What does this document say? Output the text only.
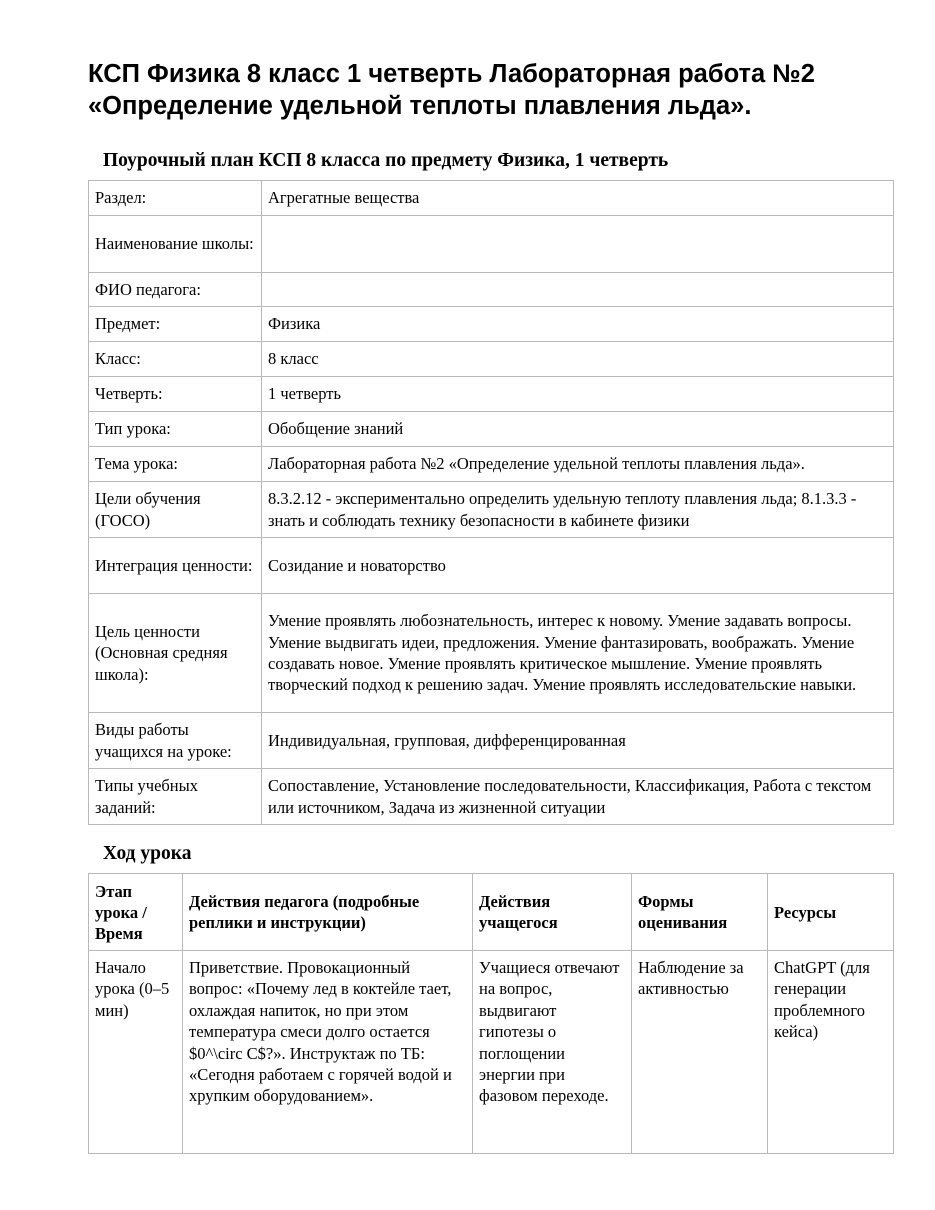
КСП Физика 8 класс 1 четверть Лабораторная работа №2 «Определение удельной теплоты плавления льда».
Поурочный план КСП 8 класса по предмету Физика, 1 четверть
Раздел:	Агрегатные вещества
Наименование школы:	
ФИО педагога:	
Предмет:	Физика
Класс:	8 класс
Четверть:	1 четверть
Тип урока:	Обобщение знаний
Тема урока:	Лабораторная работа №2 «Определение удельной теплоты плавления льда».
Цели обучения (ГОСО)	8.3.2.12 - экспериментально определить удельную теплоту плавления льда; 8.1.3.3 - знать и соблюдать технику безопасности в кабинете физики
Интеграция ценности:	Созидание и новаторство
Цель ценности (Основная средняя школа):	Умение проявлять любознательность, интерес к новому. Умение задавать вопросы. Умение выдвигать идеи, предложения. Умение фантазировать, воображать. Умение создавать новое. Умение проявлять критическое мышление. Умение проявлять творческий подход к решению задач. Умение проявлять исследовательские навыки.
Виды работы учащихся на уроке:	Индивидуальная, групповая, дифференцированная
Типы учебных заданий:	Сопоставление, Установление последовательности, Классификация, Работа с текстом или источником, Задача из жизненной ситуации
Ход урока
Этап урока / Время	Действия педагога (подробные реплики и инструкции)	Действия учащегося	Формы оценивания	Ресурсы
Начало урока (0–5 мин)	Приветствие. Провокационный вопрос: «Почему лед в коктейле тает, охлаждая напиток, но при этом температура смеси долго остается $0^\circ C$?». Инструктаж по ТБ: «Сегодня работаем с горячей водой и хрупким оборудованием».	Учащиеся отвечают на вопрос, выдвигают гипотезы о поглощении энергии при фазовом переходе.	Наблюдение за активностью	ChatGPT (для генерации проблемного кейса)
